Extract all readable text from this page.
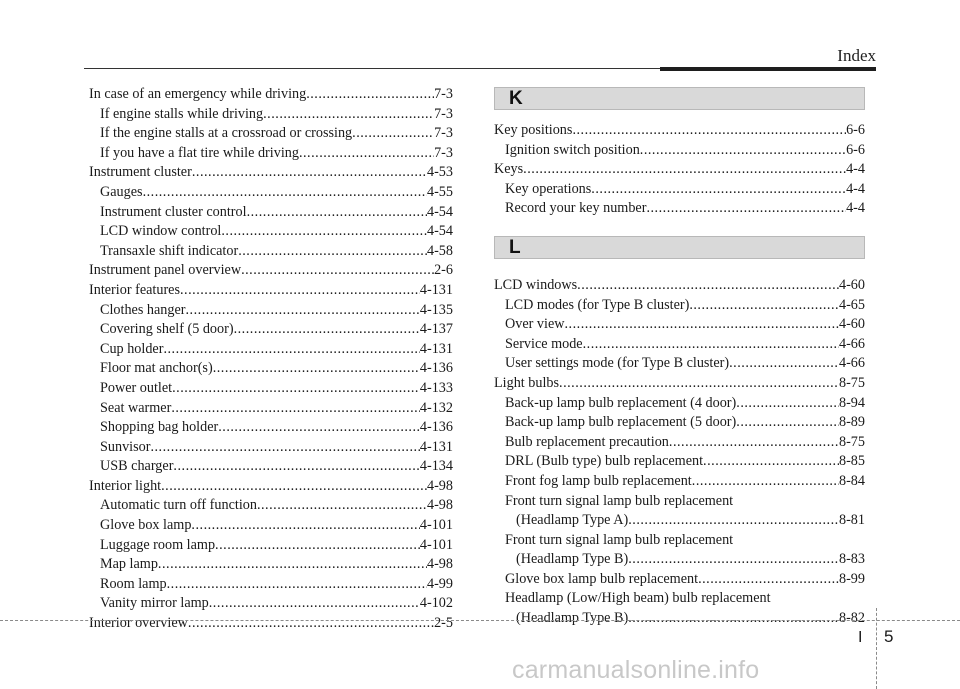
Index
In case of an emergency while driving .....	7-3
If engine stalls while driving .....	7-3
If the engine stalls at a crossroad or crossing .....	7-3
If you have a flat tire while driving .....	7-3
Instrument cluster .....	4-53
Gauges .....	4-55
Instrument cluster control .....	4-54
LCD window control .....	4-54
Transaxle shift indicator .....	4-58
Instrument panel overview .....	2-6
Interior features .....	4-131
Clothes hanger .....	4-135
Covering shelf (5 door) .....	4-137
Cup holder .....	4-131
Floor mat anchor(s) .....	4-136
Power outlet .....	4-133
Seat warmer .....	4-132
Shopping bag holder .....	4-136
Sunvisor .....	4-131
USB charger .....	4-134
Interior light .....	4-98
Automatic turn off function .....	4-98
Glove box lamp .....	4-101
Luggage room lamp .....	4-101
Map lamp .....	4-98
Room lamp .....	4-99
Vanity mirror lamp .....	4-102
Interior overview .....	2-5
K
Key positions .....	6-6
Ignition switch position .....	6-6
Keys .....	4-4
Key operations .....	4-4
Record your key number .....	4-4
L
LCD windows .....	4-60
LCD modes (for Type B cluster) .....	4-65
Over view .....	4-60
Service mode .....	4-66
User settings mode (for Type B cluster) .....	4-66
Light bulbs .....	8-75
Back-up lamp bulb replacement (4 door) .....	8-94
Back-up lamp bulb replacement (5 door) .....	8-89
Bulb replacement precaution .....	8-75
DRL (Bulb type) bulb replacement .....	8-85
Front fog lamp bulb replacement .....	8-84
Front turn signal lamp bulb replacement
(Headlamp Type A) .....	8-81
Front turn signal lamp bulb replacement
(Headlamp Type B) .....	8-83
Glove box lamp bulb replacement .....	8-99
Headlamp (Low/High beam) bulb replacement
(Headlamp Type B) .....	8-82
I 5
carmanualsonline.info
